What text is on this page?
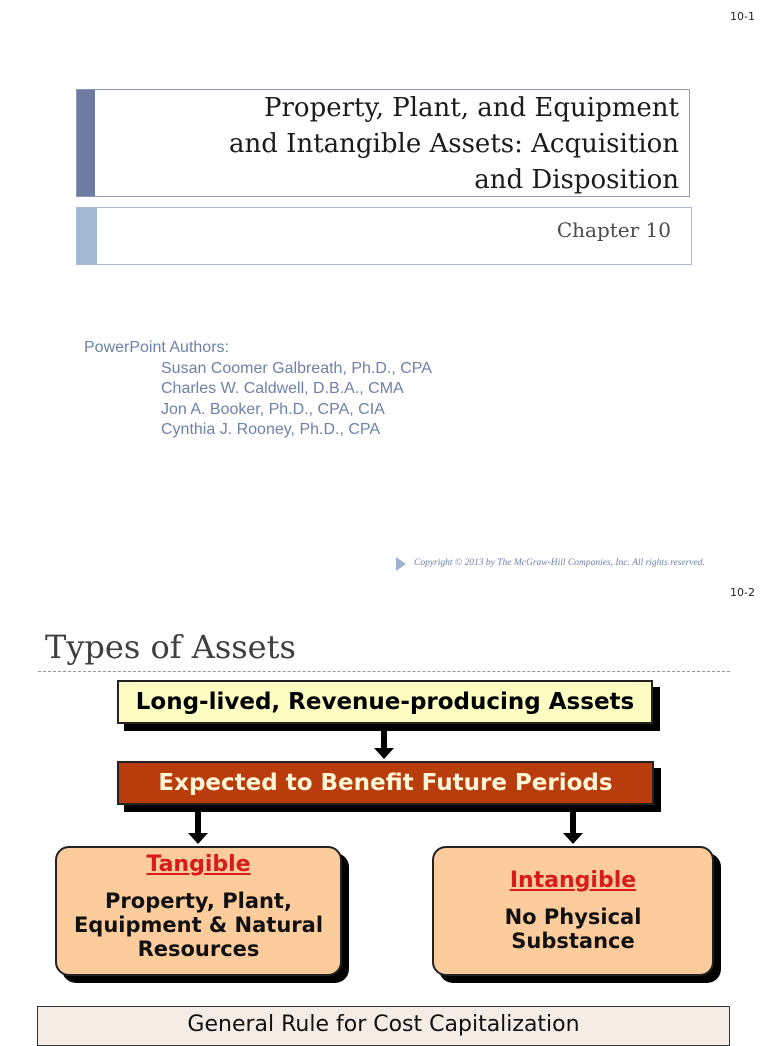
10-1
Property, Plant, and Equipment
and Intangible Assets: Acquisition
and Disposition
Chapter 10
PowerPoint Authors:
Susan Coomer Galbreath, Ph.D., CPA
Charles W. Caldwell, D.B.A., CMA
Jon A. Booker, Ph.D., CPA, CIA
Cynthia J. Rooney, Ph.D., CPA
Copyright © 2013 by The McGraw-Hill Companies, Inc. All rights reserved.
10-2
Types of Assets
Long-lived, Revenue-producing Assets
Expected to Benefit Future Periods
Tangible
Property, Plant,
Equipment & Natural
Resources
Intangible
No Physical
Substance
General Rule for Cost Capitalization
